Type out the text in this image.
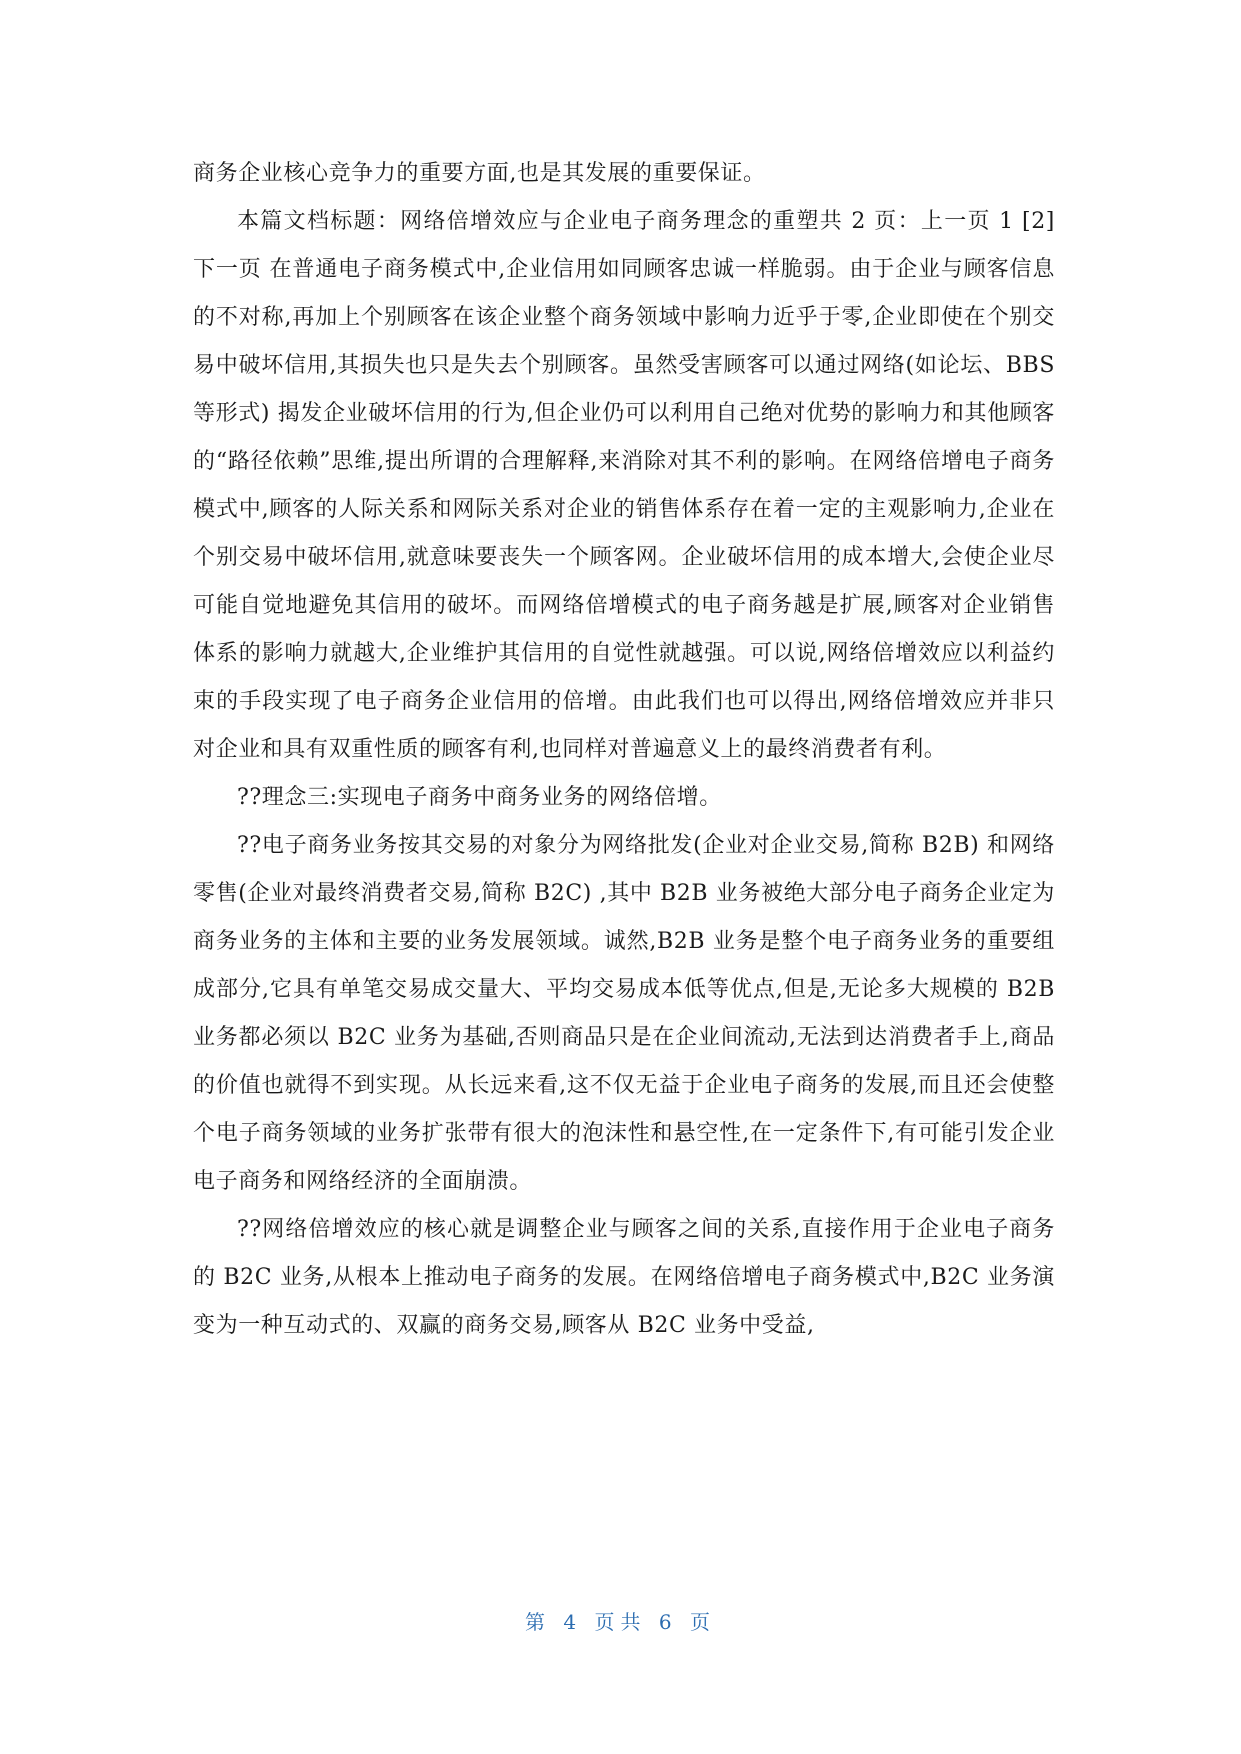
商务企业核心竞争力的重要方面,也是其发展的重要保证。

本篇文档标题：网络倍增效应与企业电子商务理念的重塑共 2 页：上一页 1 [2] 下一页 在普通电子商务模式中,企业信用如同顾客忠诚一样脆弱。由于企业与顾客信息的不对称,再加上个别顾客在该企业整个商务领域中影响力近乎于零,企业即使在个别交易中破坏信用,其损失也只是失去个别顾客。虽然受害顾客可以通过网络(如论坛、BBS 等形式) 揭发企业破坏信用的行为,但企业仍可以利用自己绝对优势的影响力和其他顾客的“路径依赖”思维,提出所谓的合理解释,来消除对其不利的影响。在网络倍增电子商务模式中,顾客的人际关系和网际关系对企业的销售体系存在着一定的主观影响力,企业在个别交易中破坏信用,就意味要丧失一个顾客网。企业破坏信用的成本增大,会使企业尽可能自觉地避免其信用的破坏。而网络倍增模式的电子商务越是扩展,顾客对企业销售体系的影响力就越大,企业维护其信用的自觉性就越强。可以说,网络倍增效应以利益约束的手段实现了电子商务企业信用的倍增。由此我们也可以得出,网络倍增效应并非只对企业和具有双重性质的顾客有利,也同样对普遍意义上的最终消费者有利。

??理念三:实现电子商务中商务业务的网络倍增。

??电子商务业务按其交易的对象分为网络批发(企业对企业交易,简称 B2B) 和网络零售(企业对最终消费者交易,简称 B2C) ,其中 B2B 业务被绝大部分电子商务企业定为商务业务的主体和主要的业务发展领域。诚然,B2B 业务是整个电子商务业务的重要组成部分,它具有单笔交易成交量大、平均交易成本低等优点,但是,无论多大规模的 B2B 业务都必须以 B2C 业务为基础,否则商品只是在企业间流动,无法到达消费者手上,商品的价值也就得不到实现。从长远来看,这不仅无益于企业电子商务的发展,而且还会使整个电子商务领域的业务扩张带有很大的泡沫性和悬空性,在一定条件下,有可能引发企业电子商务和网络经济的全面崩溃。

??网络倍增效应的核心就是调整企业与顾客之间的关系,直接作用于企业电子商务的 B2C 业务,从根本上推动电子商务的发展。在网络倍增电子商务模式中,B2C 业务演变为一种互动式的、双赢的商务交易,顾客从 B2C 业务中受益,

第 4 页共 6 页
